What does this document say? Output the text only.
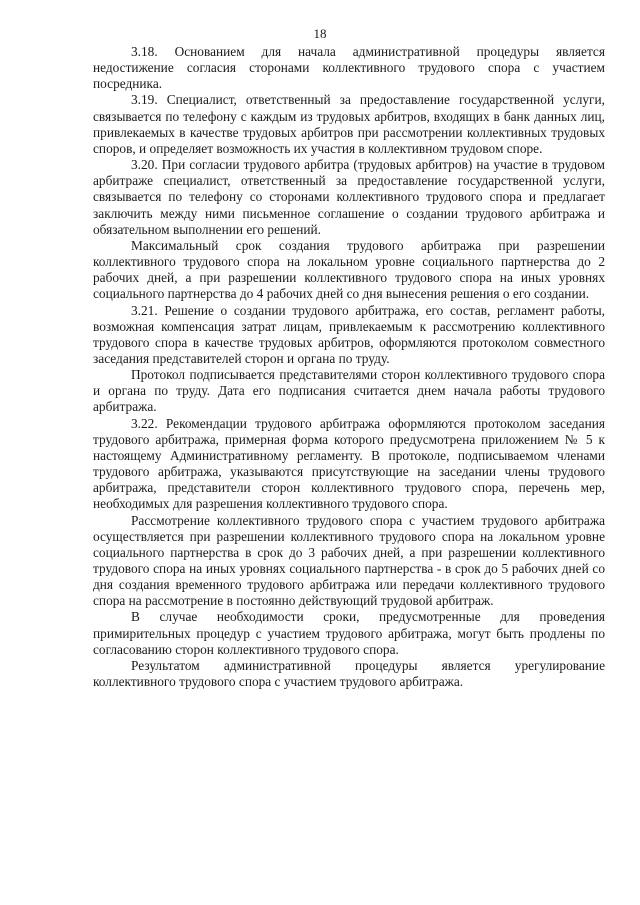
18

3.18. Основанием для начала административной процедуры является недостижение согласия сторонами коллективного трудового спора с участием посредника.

3.19. Специалист, ответственный за предоставление государственной услуги, связывается по телефону с каждым из трудовых арбитров, входящих в банк данных лиц, привлекаемых в качестве трудовых арбитров при рассмотрении коллективных трудовых споров, и определяет возможность их участия в коллективном трудовом споре.

3.20. При согласии трудового арбитра (трудовых арбитров) на участие в трудовом арбитраже специалист, ответственный за предоставление государственной услуги, связывается по телефону со сторонами коллективного трудового спора и предлагает заключить между ними письменное соглашение о создании трудового арбитража и обязательном выполнении его решений.

Максимальный срок создания трудового арбитража при разрешении коллективного трудового спора на локальном уровне социального партнерства до 2 рабочих дней, а при разрешении коллективного трудового спора на иных уровнях социального партнерства до 4 рабочих дней со дня вынесения решения о его создании.

3.21. Решение о создании трудового арбитража, его состав, регламент работы, возможная компенсация затрат лицам, привлекаемым к рассмотрению коллективного трудового спора в качестве трудовых арбитров, оформляются протоколом совместного заседания представителей сторон и органа по труду.

Протокол подписывается представителями сторон коллективного трудового спора и органа по труду. Дата его подписания считается днем начала работы трудового арбитража.

3.22. Рекомендации трудового арбитража оформляются протоколом заседания трудового арбитража, примерная форма которого предусмотрена приложением № 5 к настоящему Административному регламенту. В протоколе, подписываемом членами трудового арбитража, указываются присутствующие на заседании члены трудового арбитража, представители сторон коллективного трудового спора, перечень мер, необходимых для разрешения коллективного трудового спора.

Рассмотрение коллективного трудового спора с участием трудового арбитража осуществляется при разрешении коллективного трудового спора на локальном уровне социального партнерства в срок до 3 рабочих дней, а при разрешении коллективного трудового спора на иных уровнях социального партнерства - в срок до 5 рабочих дней со дня создания временного трудового арбитража или передачи коллективного трудового спора на рассмотрение в постоянно действующий трудовой арбитраж.

В случае необходимости сроки, предусмотренные для проведения примирительных процедур с участием трудового арбитража, могут быть продлены по согласованию сторон коллективного трудового спора.

Результатом административной процедуры является урегулирование коллективного трудового спора с участием трудового арбитража.
